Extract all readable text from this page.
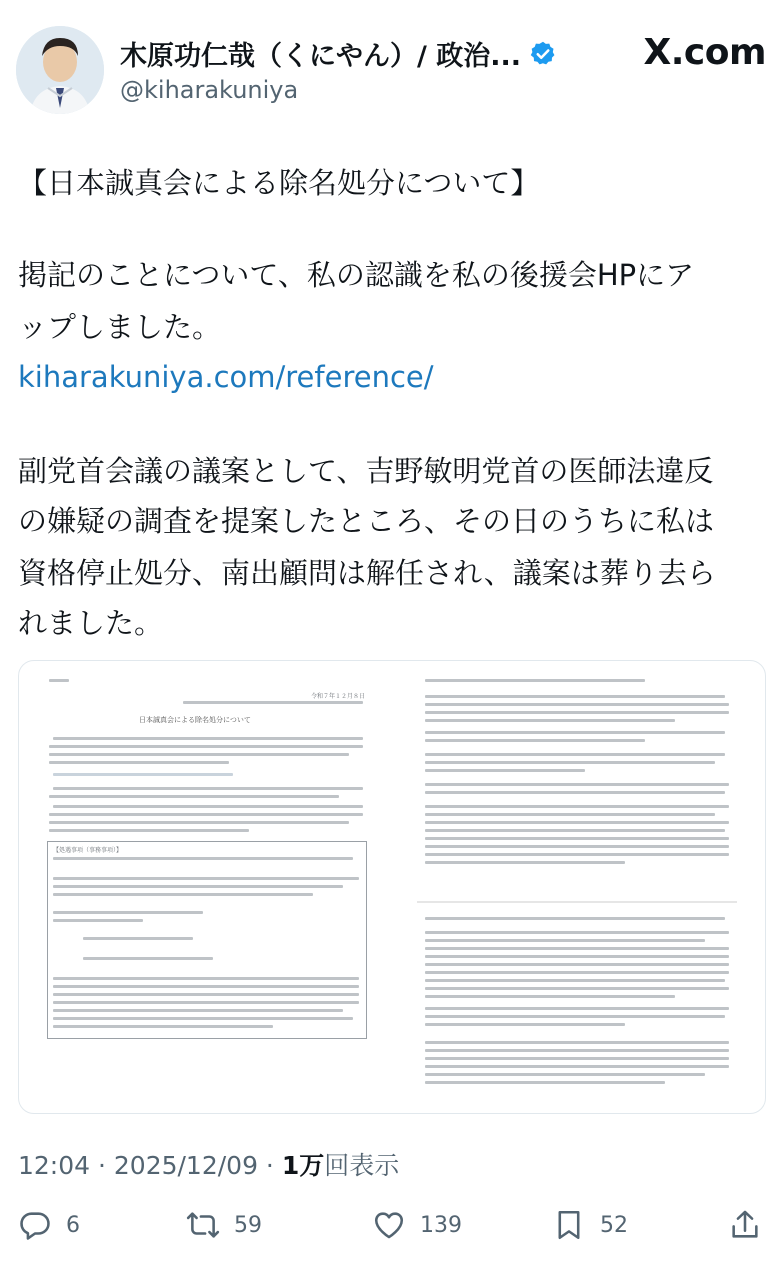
木原功仁哉（くにやん）/ 政治...
@kiharakuniya
X.com
【日本誠真会による除名処分について】
掲記のことについて、私の認識を私の後援会HPにア
ップしました。
kiharakuniya.com/reference/
副党首会議の議案として、吉野敏明党首の医師法違反
の嫌疑の調査を提案したところ、その日のうちに私は
資格停止処分、南出顧問は解任され、議案は葬り去ら
れました。
令和７年１２月８日
日本誠真会による除名処分について
【処遇事項（事務事項）】
12:04 · 2025/12/09 · 1万回表示
6	59	139	52
